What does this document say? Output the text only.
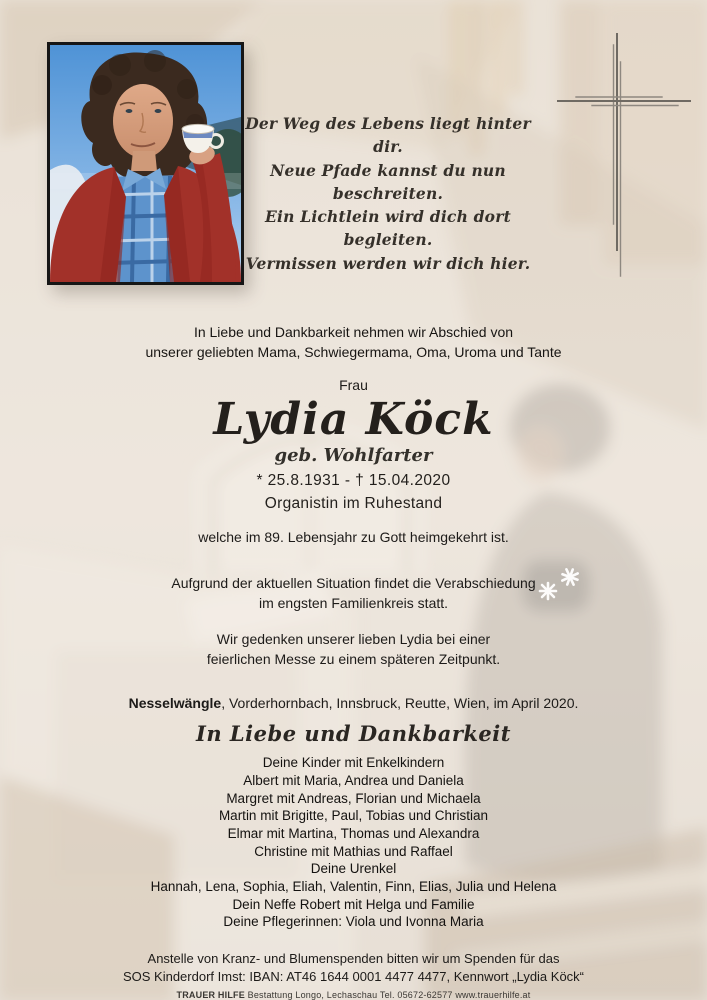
Der Weg des Lebens liegt hinter dir.
Neue Pfade kannst du nun beschreiten.
Ein Lichtlein wird dich dort begleiten.
Vermissen werden wir dich hier.
In Liebe und Dankbarkeit nehmen wir Abschied von
unserer geliebten Mama, Schwiegermama, Oma, Uroma und Tante
Frau
Lydia Köck
geb. Wohlfarter
* 25.8.1931 - † 15.04.2020
Organistin im Ruhestand
welche im 89. Lebensjahr zu Gott heimgekehrt ist.
Aufgrund der aktuellen Situation findet die Verabschiedung
im engsten Familienkreis statt.
Wir gedenken unserer lieben Lydia bei einer
feierlichen Messe zu einem späteren Zeitpunkt.
Nesselwängle, Vorderhornbach, Innsbruck, Reutte, Wien, im April 2020.
In Liebe und Dankbarkeit
Deine Kinder mit Enkelkindern
Albert mit Maria, Andrea und Daniela
Margret mit Andreas, Florian und Michaela
Martin mit Brigitte, Paul, Tobias und Christian
Elmar mit Martina, Thomas und Alexandra
Christine mit Mathias und Raffael
Deine Urenkel
Hannah, Lena, Sophia, Eliah, Valentin, Finn, Elias, Julia und Helena
Dein Neffe Robert mit Helga und Familie
Deine Pflegerinnen: Viola und Ivonna Maria
Anstelle von Kranz- und Blumenspenden bitten wir um Spenden für das
SOS Kinderdorf Imst: IBAN: AT46 1644 0001 4477 4477, Kennwort „Lydia Köck“
TRAUER HILFE Bestattung Longo, Lechaschau Tel. 05672-62577 www.trauerhilfe.at
